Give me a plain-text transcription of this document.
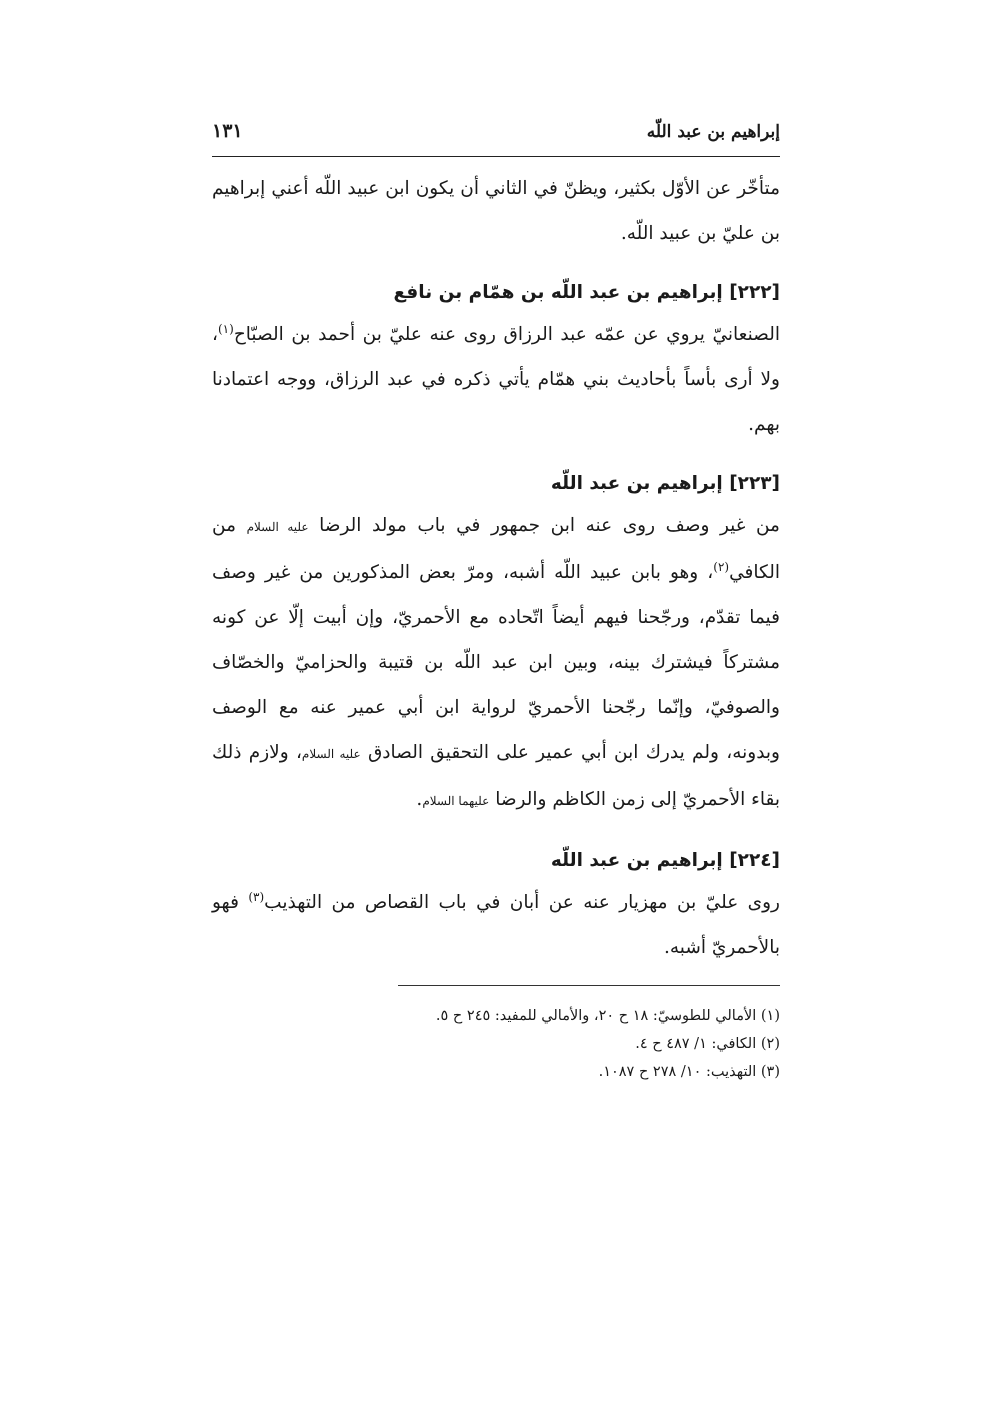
إبراهيم بن عبد اللّه
١٣١

متأخّر عن الأوّل بكثير، ويظنّ في الثاني أن يكون ابن عبيد اللّه أعني إبراهيم بن عليّ بن عبيد اللّه.

[٢٢٢] إبراهيم بن عبد اللّه بن همّام بن نافع

الصنعانيّ يروي عن عمّه عبد الرزاق روى عنه عليّ بن أحمد بن الصبّاح$^{(١)}$، ولا أرى بأساً بأحاديث بني همّام يأتي ذكره في عبد الرزاق، ووجه اعتمادنا بهم.

[٢٢٣] إبراهيم بن عبد اللّه

من غير وصف روى عنه ابن جمهور في باب مولد الرضا عليه السلام من الكافي$^{(٢)}$، وهو بابن عبيد اللّه أشبه، ومرّ بعض المذكورين من غير وصف فيما تقدّم، ورجّحنا فيهم أيضاً اتّحاده مع الأحمريّ، وإن أبيت إلّا عن كونه مشتركاً فيشترك بينه، وبين ابن عبد اللّه بن قتيبة والحزاميّ والخصّاف والصوفيّ، وإنّما رجّحنا الأحمريّ لرواية ابن أبي عمير عنه مع الوصف وبدونه، ولم يدرك ابن أبي عمير على التحقيق الصادق عليه السلام، ولازم ذلك بقاء الأحمريّ إلى زمن الكاظم والرضا عليهما السلام.

[٢٢٤] إبراهيم بن عبد اللّه

روى عليّ بن مهزيار عنه عن أبان في باب القصاص من التهذيب$^{(٣)}$ فهو بالأحمريّ أشبه.

(١) الأمالي للطوسيّ: ١٨ ح ٢٠، والأمالي للمفيد: ٢٤٥ ح ٥.

(٢) الكافي: ١/ ٤٨٧ ح ٤.

(٣) التهذيب: ١٠/ ٢٧٨ ح ١٠٨٧.
